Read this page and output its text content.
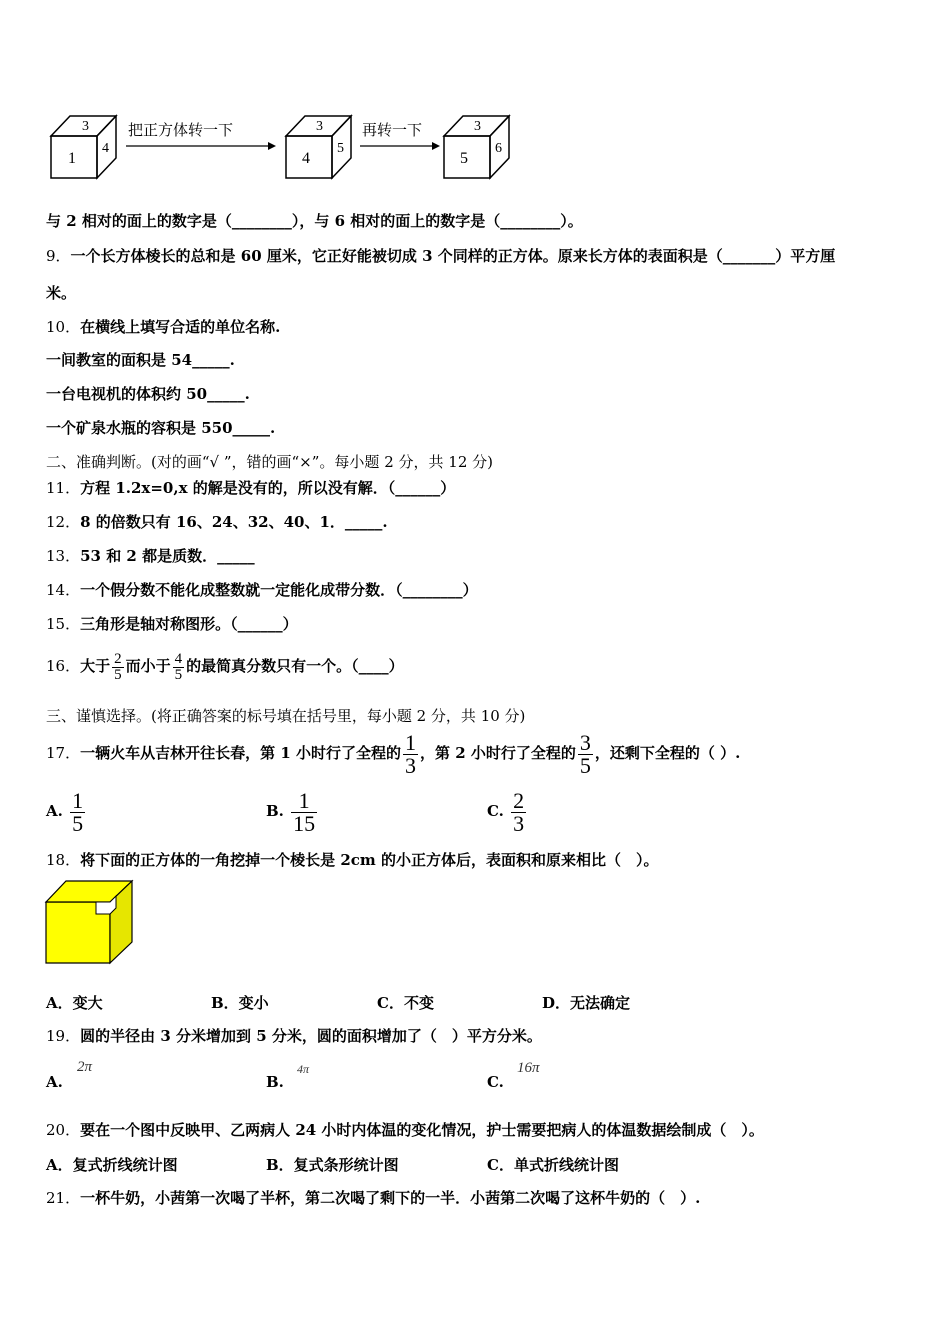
3
1
4
把正方体转一下	3
4
5
再转一下	3
5
6
与 2 相对的面上的数字是（________），与 6 相对的面上的数字是（________）。
9．一个长方体棱长的总和是 60 厘米，它正好能被切成 3 个同样的正方体。原来长方体的表面积是（_______）平方厘
米。
10．在横线上填写合适的单位名称.
一间教室的面积是 54_____.
一台电视机的体积约 50_____.
一个矿泉水瓶的容积是 550_____.
二、准确判断。(对的画“√ ”，错的画“×”。每小题 2 分，共 12 分)
11．方程 1.2x=0,x 的解是没有的，所以没有解．（______）
12．8 的倍数只有 16、24、32、40、1．_____.
13．53 和 2 都是质数．_____
14．一个假分数不能化成整数就一定能化成带分数．（________）
15．三角形是轴对称图形。（______）
16．大于 $\frac{2}{5}$ 而小于 $\frac{4}{5}$ 的最简真分数只有一个。（____）
三、谨慎选择。(将正确答案的标号填在括号里，每小题 2 分，共 10 分)
17．一辆火车从吉林开往长春，第 1 小时行了全程的 $\frac{1}{3}$ ，第 2 小时行了全程的 $\frac{3}{5}$ ，还剩下全程的（ ）.
A. $\frac{1}{5}$	B. $\frac{1}{15}$	C. $\frac{2}{3}$
18．将下面的正方体的一角挖掉一个棱长是 2cm 的小正方体后，表面积和原来相比（　）。
A．变大	B．变小	C．不变	D．无法确定
19．圆的半径由 3 分米增加到 5 分米，圆的面积增加了（　）平方分米。
A.
2π
B.
4π
C.
16π
20．要在一个图中反映甲、乙两病人 24 小时内体温的变化情况，护士需要把病人的体温数据绘制成（　）。
A．复式折线统计图	B．复式条形统计图	C．单式折线统计图
21．一杯牛奶，小茜第一次喝了半杯，第二次喝了剩下的一半．小茜第二次喝了这杯牛奶的（　）.
